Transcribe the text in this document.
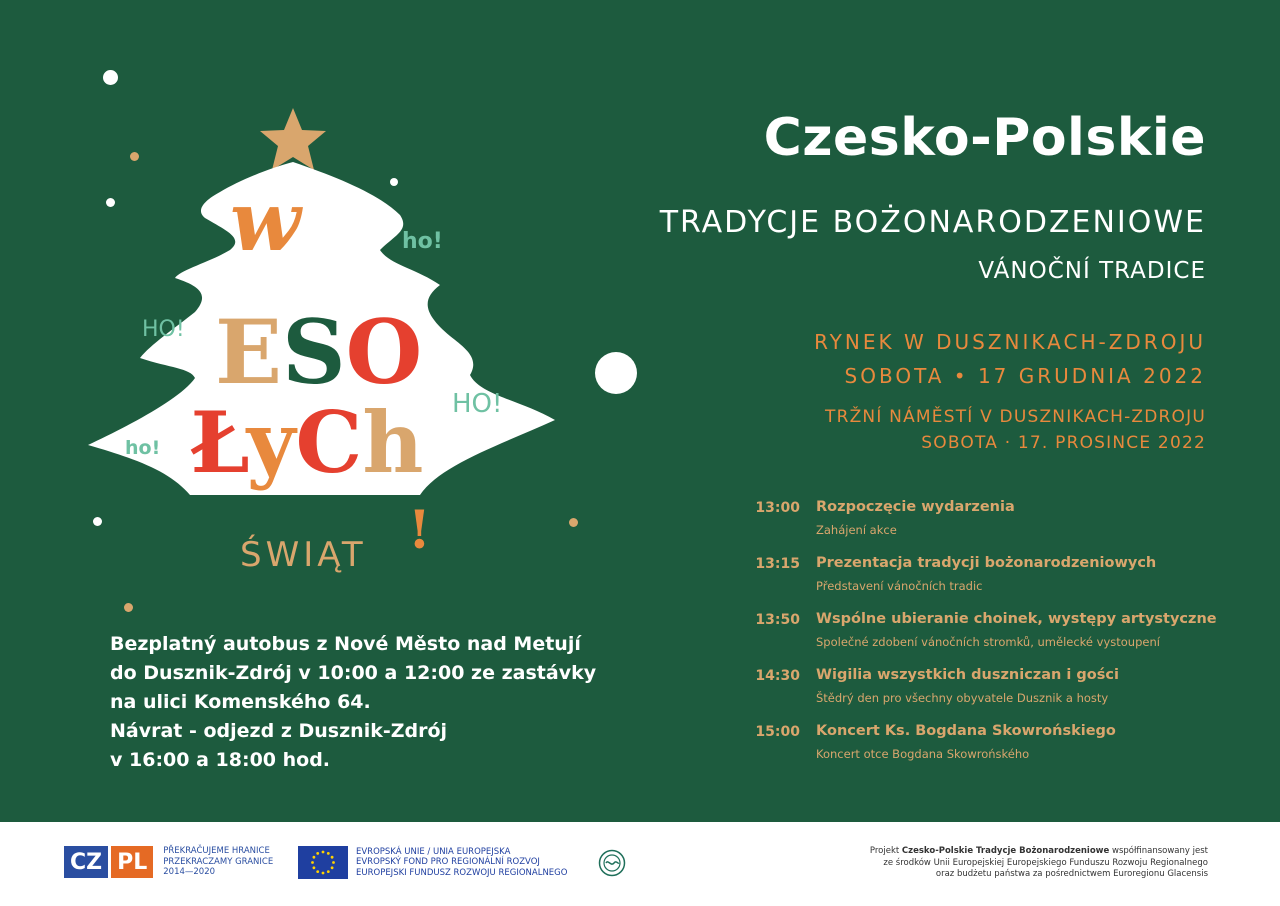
w	ho!
HO! ESO
ŁyCh HO!
ho!
ŚWIĄT !
Czesko-Polskie
TRADYCJE BOŻONARODZENIOWE
VÁNOČNÍ TRADICE
RYNEK W DUSZNIKACH-ZDROJU
SOBOTA • 17 GRUDNIA 2022
TRŽNÍ NÁMĚSTÍ V DUSZNIKACH-ZDROJU
SOBOTA · 17. PROSINCE 2022
Bezplatný autobus z Nové Město nad Metují
do Dusznik-Zdrój v 10:00 a 12:00 ze zastávky
na ulici Komenského 64.
Návrat - odjezd z Dusznik-Zdrój
v 16:00 a 18:00 hod.
13:00 Rozpoczęcie wydarzenia
Zahájení akce
13:15 Prezentacja tradycji bożonarodzeniowych
Představení vánočních tradic
13:50 Wspólne ubieranie choinek, występy artystyczne
Společné zdobení vánočních stromků, umělecké vystoupení
14:30 Wigilia wszystkich duszniczan i gości
Štědrý den pro všechny obyvatele Dusznik a hosty
15:00 Koncert Ks. Bogdana Skowrońskiego
Koncert otce Bogdana Skowrońského
CZ PL	PŘEKRAČUJEME HRANICE
PRZEKRACZAMY GRANICE
2014—2020
EVROPSKÁ UNIE / UNIA EUROPEJSKA
EVROPSKÝ FOND PRO REGIONÁLNÍ ROZVOJ
EUROPEJSKI FUNDUSZ ROZWOJU REGIONALNEGO
Projekt Czesko-Polskie Tradycje Bożonarodzeniowe współfinansowany jest
ze środków Unii Europejskiej Europejskiego Funduszu Rozwoju Regionalnego
oraz budżetu państwa za pośrednictwem Euroregionu Glacensis
